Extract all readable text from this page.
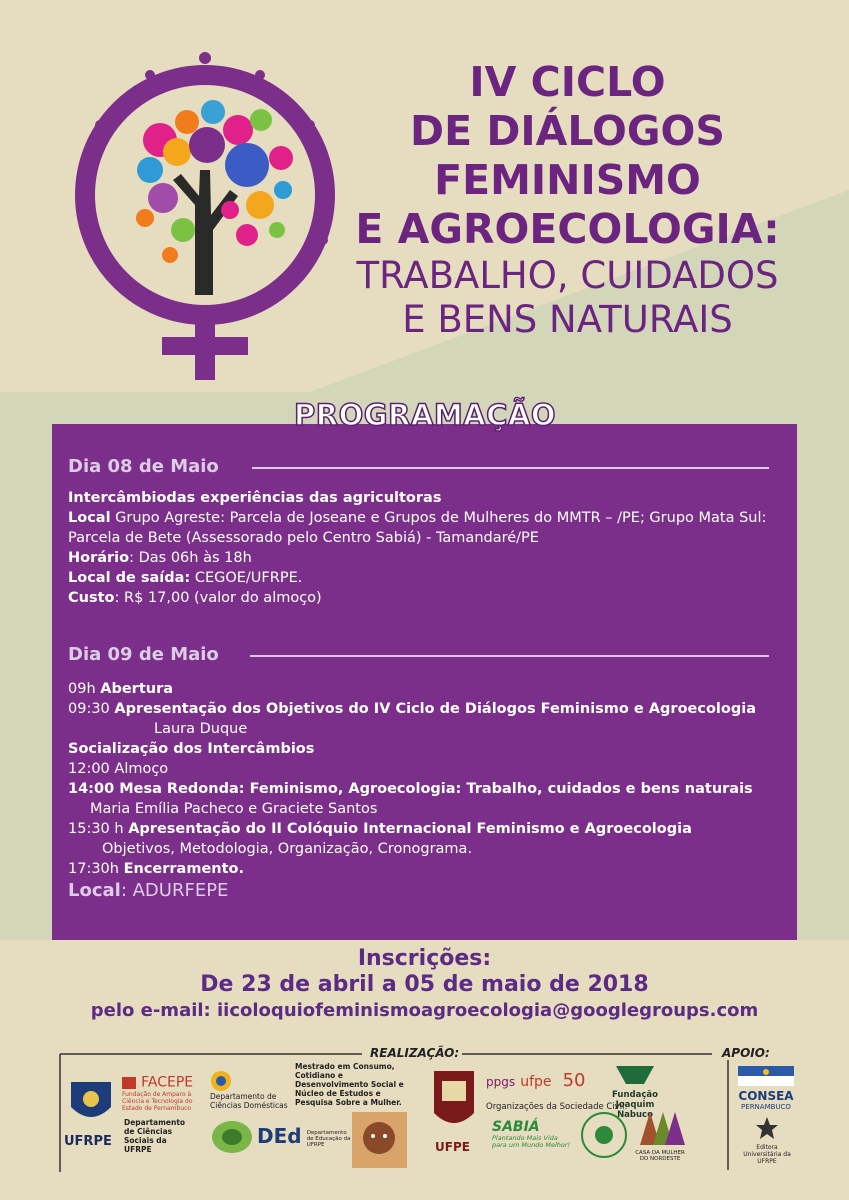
IV CICLO
DE DIÁLOGOS
FEMINISMO
E AGROECOLOGIA:
TRABALHO, CUIDADOS
E BENS NATURAIS
Dia 08 de Maio
Intercâmbiodas experiências das agricultoras
Local Grupo Agreste: Parcela de Joseane e Grupos de Mulheres do MMTR – /PE; Grupo Mata Sul: Parcela de Bete (Assessorado pelo Centro Sabiá) - Tamandaré/PE
Horário: Das 06h às 18h
Local de saída: CEGOE/UFRPE.
Custo: R$ 17,00 (valor do almoço)
Dia 09 de Maio
09h Abertura
09:30 Apresentação dos Objetivos do IV Ciclo de Diálogos Feminismo e Agroecologia
Laura Duque
Socialização dos Intercâmbios
12:00 Almoço
14:00 Mesa Redonda: Feminismo, Agroecologia: Trabalho, cuidados e bens naturais
Maria Emília Pacheco e Graciete Santos
15:30 h Apresentação do II Colóquio Internacional Feminismo e Agroecologia
Objetivos, Metodologia, Organização, Cronograma.
17:30h Encerramento.
Local: ADURFEPE
PROGRAMAÇÃO
Inscrições:
De 23 de abril a 05 de maio de 2018
pelo e-mail: iicoloquiofeminismoagroecologia@googlegroups.com
REALIZAÇÃO:	APOIO:
UFRPE
FACEPE
Fundação de Amparo à Ciência e Tecnologia do Estado de Pernambuco
Departamento de Ciências Domésticas
Mestrado em Consumo, Cotidiano e Desenvolvimento Social e Núcleo de Estudos e Pesquisa Sobre a Mulher.
Departamento de Ciências Sociais da UFRPE
DEd Departamento de Educação da UFRPE	UFPE
ppgs ufpe 50
Fundação Joaquim Nabuco
Organizações da Sociedade Civil:
SABIÁ
Plantando Mais Vida para um Mundo Melhor!
CASA DA MULHER DO NORDESTE
CONSEA
PERNAMBUCO
Editora Universitária da UFRPE
